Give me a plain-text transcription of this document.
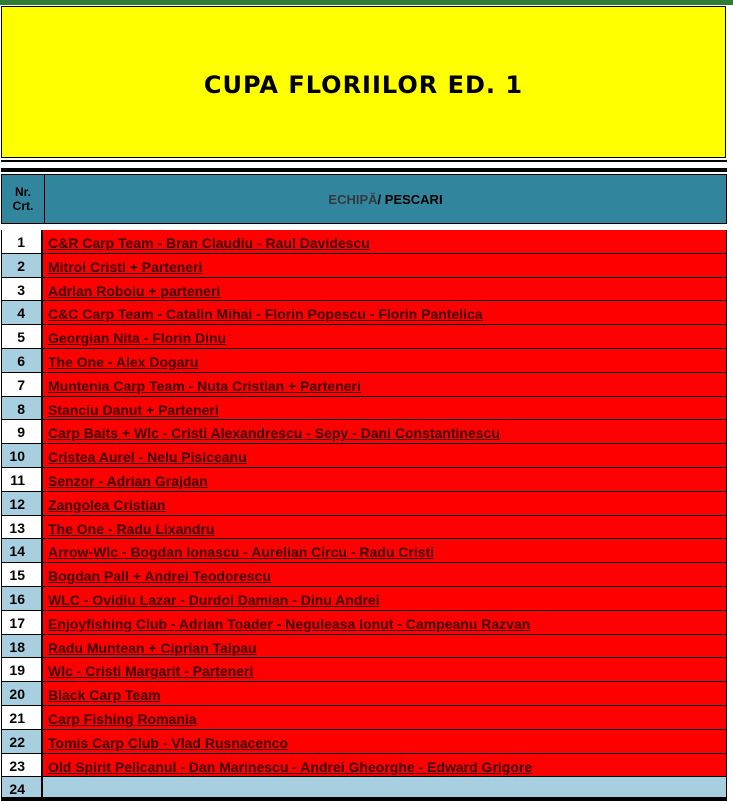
CUPA FLORIILOR ED. 1
Nr.
Crt.	ECHIPĂ / PESCARI
1	C&R Carp Team - Bran Claudiu - Raul Davidescu
2	Mitroi Cristi + Parteneri
3	Adrian Roboiu + parteneri
4	C&C Carp Team - Catalin Mihai - Florin Popescu - Florin Pantelica
5	Georgian Nita - Florin Dinu
6	The One - Alex Dogaru
7	Muntenia Carp Team - Nuta Cristian + Parteneri
8	Stanciu Danut + Parteneri
9	Carp Baits + Wlc - Cristi Alexandrescu - Sepy - Dani Constantinescu
10	Cristea Aurel - Nelu Pisiceanu
11	Senzor - Adrian Grajdan
12	Zangolea Cristian
13	The One - Radu Lixandru
14	Arrow-Wlc - Bogdan Ionascu - Aurelian Circu - Radu Cristi
15	Bogdan Pall + Andrei Teodorescu
16	WLC - Ovidiu Lazar - Durdoi Damian - Dinu Andrei
17	Enjoyfishing Club - Adrian Toader - Neguleasa Ionut - Campeanu Razvan
18	Radu Muntean + Ciprian Talpau
19	Wlc - Cristi Margarit - Parteneri
20	Black Carp Team
21	Carp Fishing Romania
22	Tomis Carp Club - Vlad Rusnacenco
23	Old Spirit Pelicanul - Dan Marinescu - Andrei Gheorghe - Edward Grigore
24
